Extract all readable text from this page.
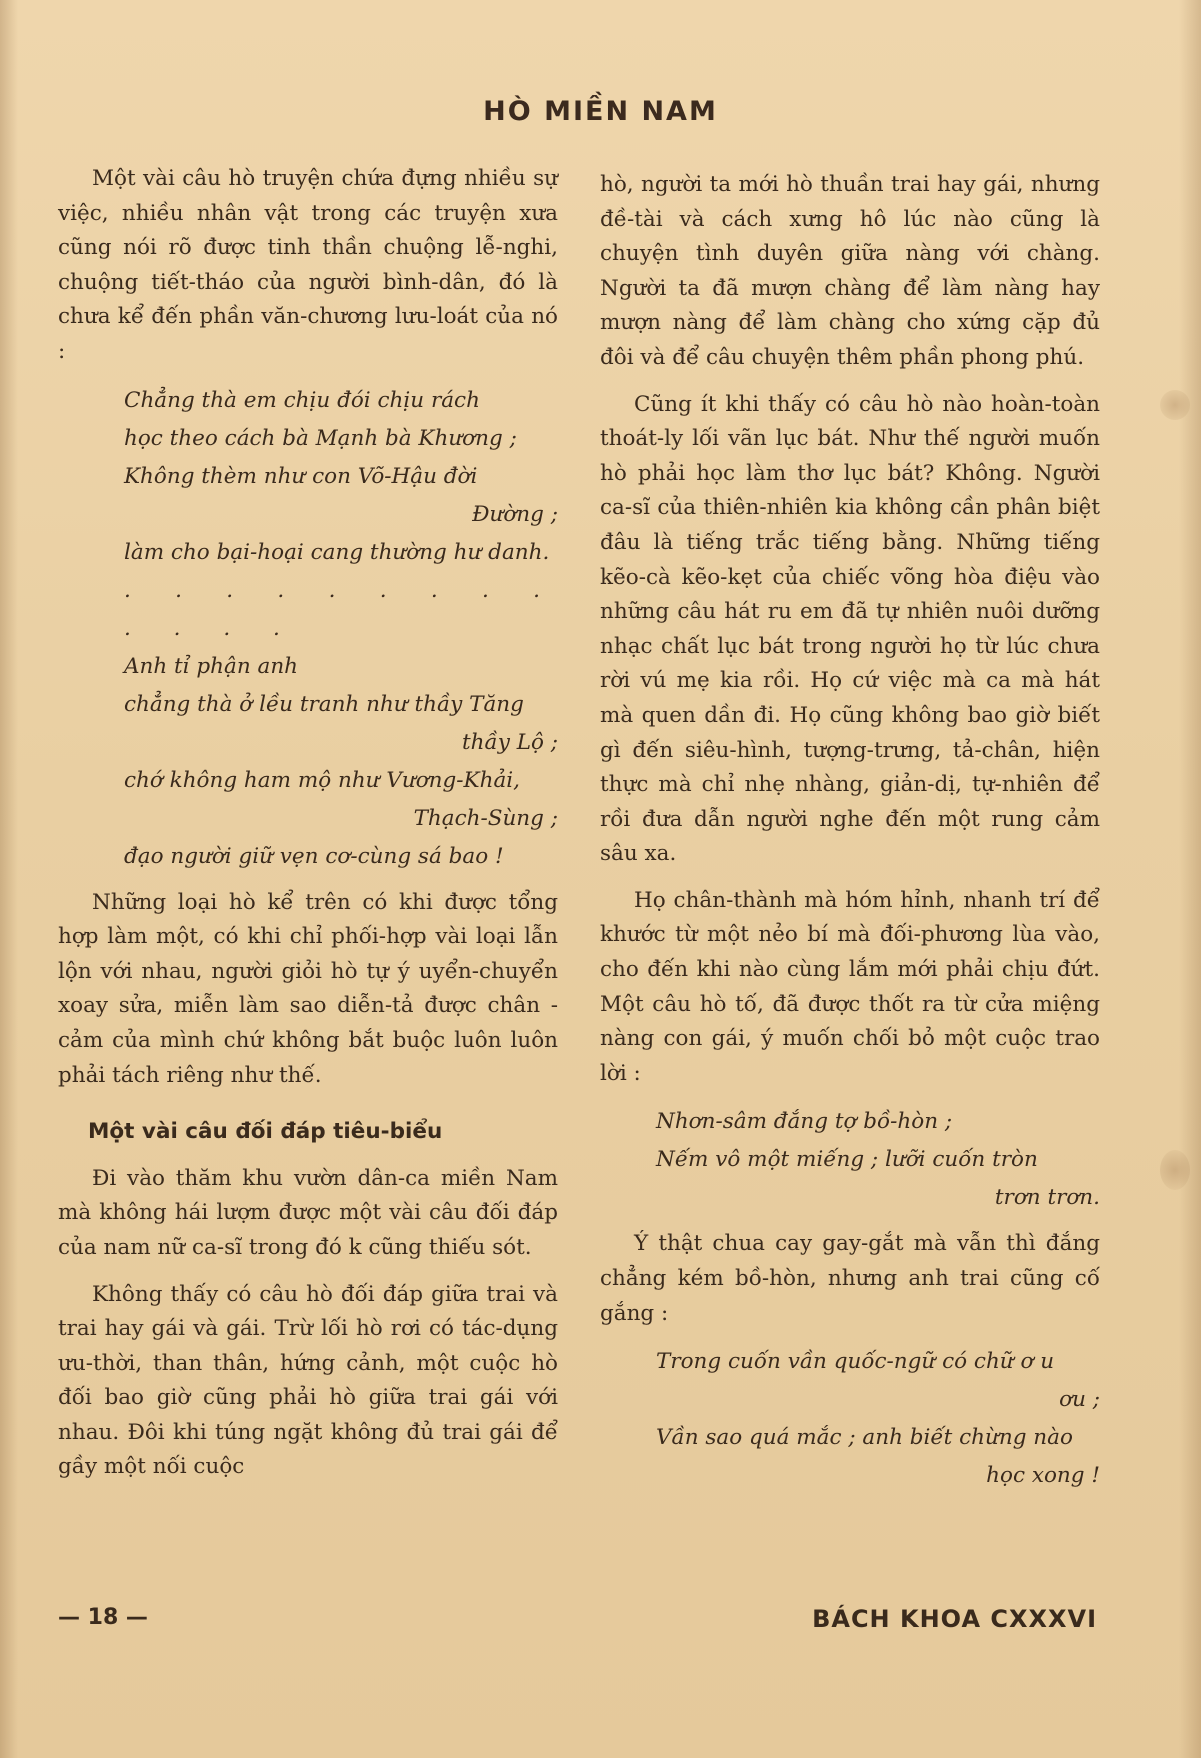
HÒ MIỀN NAM

Một vài câu hò truyện chứa đựng nhiều sự việc, nhiều nhân vật trong các truyện xưa cũng nói rõ được tinh thần chuộng lễ-nghi, chuộng tiết-tháo của người bình-dân, đó là chưa kể đến phần văn-chương lưu-loát của nó :

Chẳng thà em chịu đói chịu rách
học theo cách bà Mạnh bà Khương ;
Không thèm như con Võ-Hậu đời
Đường ;
làm cho bại-hoại cang thường hư danh.
. . . . . . . . . . . . .
Anh tỉ phận anh
chẳng thà ở lều tranh như thầy Tăng
thầy Lộ ;
chớ không ham mộ như Vương-Khải,
Thạch-Sùng ;
đạo người giữ vẹn cơ-cùng sá bao !

Những loại hò kể trên có khi được tổng hợp làm một, có khi chỉ phối-hợp vài loại lẫn lộn với nhau, người giỏi hò tự ý uyển-chuyển xoay sửa, miễn làm sao diễn-tả được chân - cảm của mình chứ không bắt buộc luôn luôn phải tách riêng như thế.

Một vài câu đối đáp tiêu-biểu

Đi vào thăm khu vườn dân-ca miền Nam mà không hái lượm được một vài câu đối đáp của nam nữ ca-sĩ trong đó k cũng thiếu sót.

Không thấy có câu hò đối đáp giữa trai và trai hay gái và gái. Trừ lối hò rơi có tác-dụng ưu-thời, than thân, hứng cảnh, một cuộc hò đối bao giờ cũng phải hò giữa trai gái với nhau. Đôi khi túng ngặt không đủ trai gái để gầy một nối cuộc

hò, người ta mới hò thuần trai hay gái, nhưng đề-tài và cách xưng hô lúc nào cũng là chuyện tình duyên giữa nàng với chàng. Người ta đã mượn chàng để làm nàng hay mượn nàng để làm chàng cho xứng cặp đủ đôi và để câu chuyện thêm phần phong phú.

Cũng ít khi thấy có câu hò nào hoàn-toàn thoát-ly lối vãn lục bát. Như thế người muốn hò phải học làm thơ lục bát? Không. Người ca-sĩ của thiên-nhiên kia không cần phân biệt đâu là tiếng trắc tiếng bằng. Những tiếng kẽo-cà kẽo-kẹt của chiếc võng hòa điệu vào những câu hát ru em đã tự nhiên nuôi dưỡng nhạc chất lục bát trong người họ từ lúc chưa rời vú mẹ kia rồi. Họ cứ việc mà ca mà hát mà quen dần đi. Họ cũng không bao giờ biết gì đến siêu-hình, tượng-trưng, tả-chân, hiện thực mà chỉ nhẹ nhàng, giản-dị, tự-nhiên để rồi đưa dẫn người nghe đến một rung cảm sâu xa.

Họ chân-thành mà hóm hỉnh, nhanh trí để khước từ một nẻo bí mà đối-phương lùa vào, cho đến khi nào cùng lắm mới phải chịu đứt. Một câu hò tố, đã được thốt ra từ cửa miệng nàng con gái, ý muốn chối bỏ một cuộc trao lời :

Nhơn-sâm đắng tợ bồ-hòn ;
Nếm vô một miếng ; lưỡi cuốn tròn
trơn trơn.

Ý thật chua cay gay-gắt mà vẫn thì đắng chẳng kém bồ-hòn, nhưng anh trai cũng cố gắng :

Trong cuốn vần quốc-ngữ có chữ ơ u
ơu ;
Vần sao quá mắc ; anh biết chừng nào
học xong !
— 18 —	BÁCH KHOA CXXXVI
